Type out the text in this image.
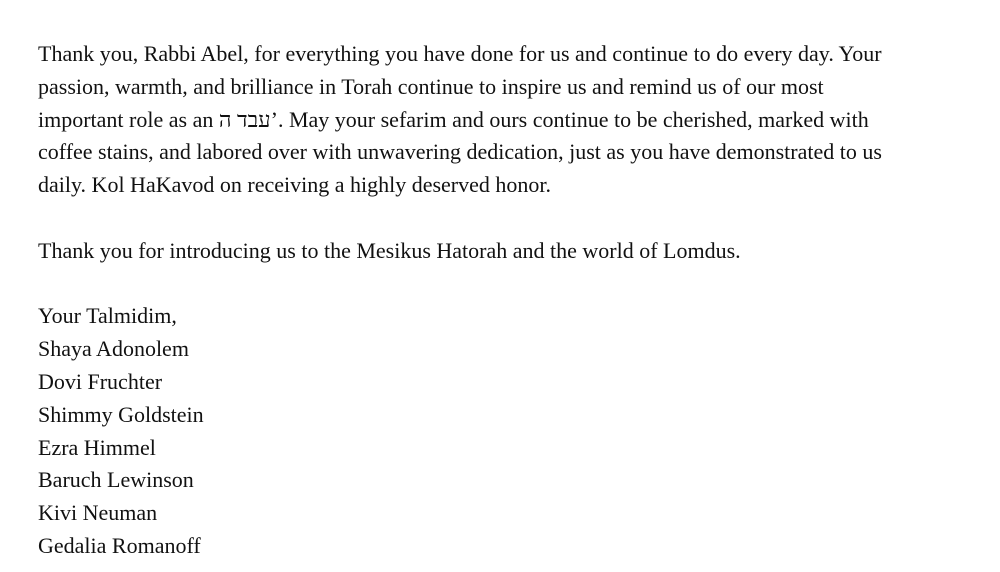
Thank you, Rabbi Abel, for everything you have done for us and continue to do every day. Your
passion, warmth, and brilliance in Torah continue to inspire us and remind us of our most
important role as an עבד ה’. May your sefarim and ours continue to be cherished, marked with
coffee stains, and labored over with unwavering dedication, just as you have demonstrated to us
daily. Kol HaKavod on receiving a highly deserved honor.

Thank you for introducing us to the Mesikus Hatorah and the world of Lomdus.

Your Talmidim,
Shaya Adonolem
Dovi Fruchter
Shimmy Goldstein
Ezra Himmel
Baruch Lewinson
Kivi Neuman
Gedalia Romanoff
